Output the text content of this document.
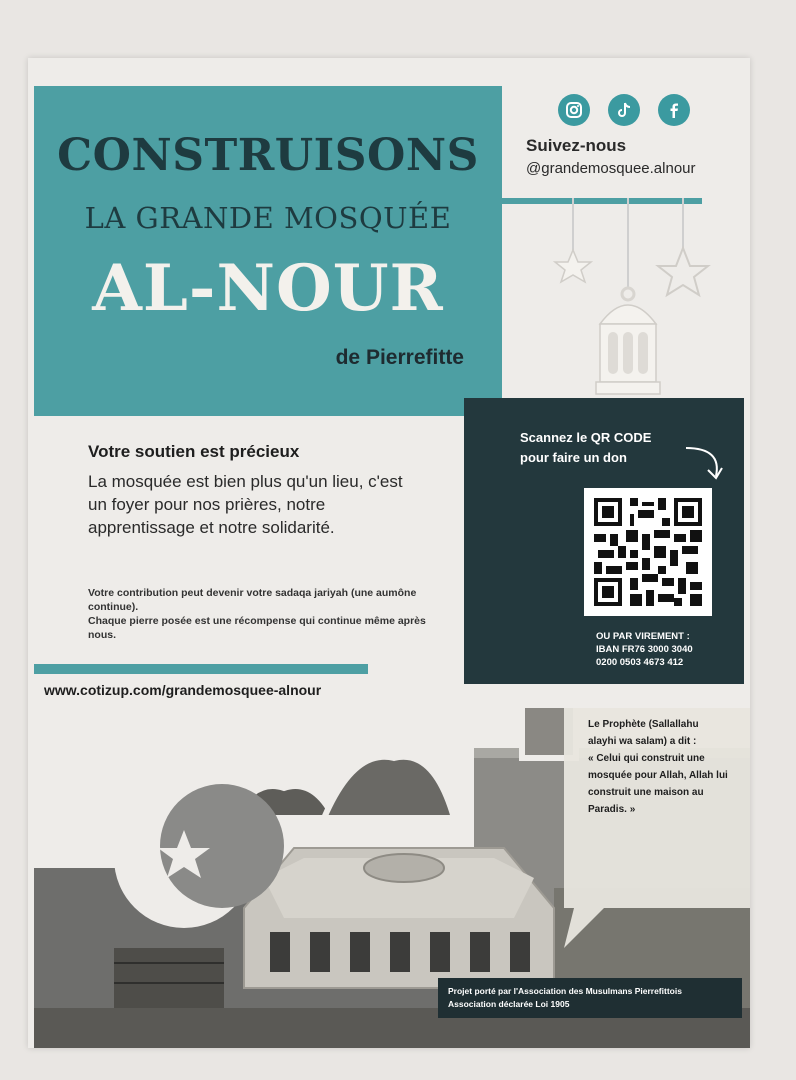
CONSTRUISONS
LA GRANDE MOSQUÉE
AL-NOUR
de Pierrefitte
Suivez-nous
@grandemosquee.alnour
Votre soutien est précieux
La mosquée est bien plus qu'un lieu, c'est un foyer pour nos prières, notre apprentissage et notre solidarité.
Votre contribution peut devenir votre sadaqa jariyah (une aumône continue).
Chaque pierre posée est une récompense qui continue même après nous.
www.cotizup.com/grandemosquee-alnour
Scannez le QR CODE
pour faire un don
OU PAR VIREMENT :
IBAN FR76 3000 3040
0200 0503 4673 412
Le Prophète (Sallallahu alayhi wa salam) a dit :
« Celui qui construit une mosquée pour Allah, Allah lui construit une maison au Paradis. »
Projet porté par l'Association des Musulmans Pierrefittois
Association déclarée Loi 1905
